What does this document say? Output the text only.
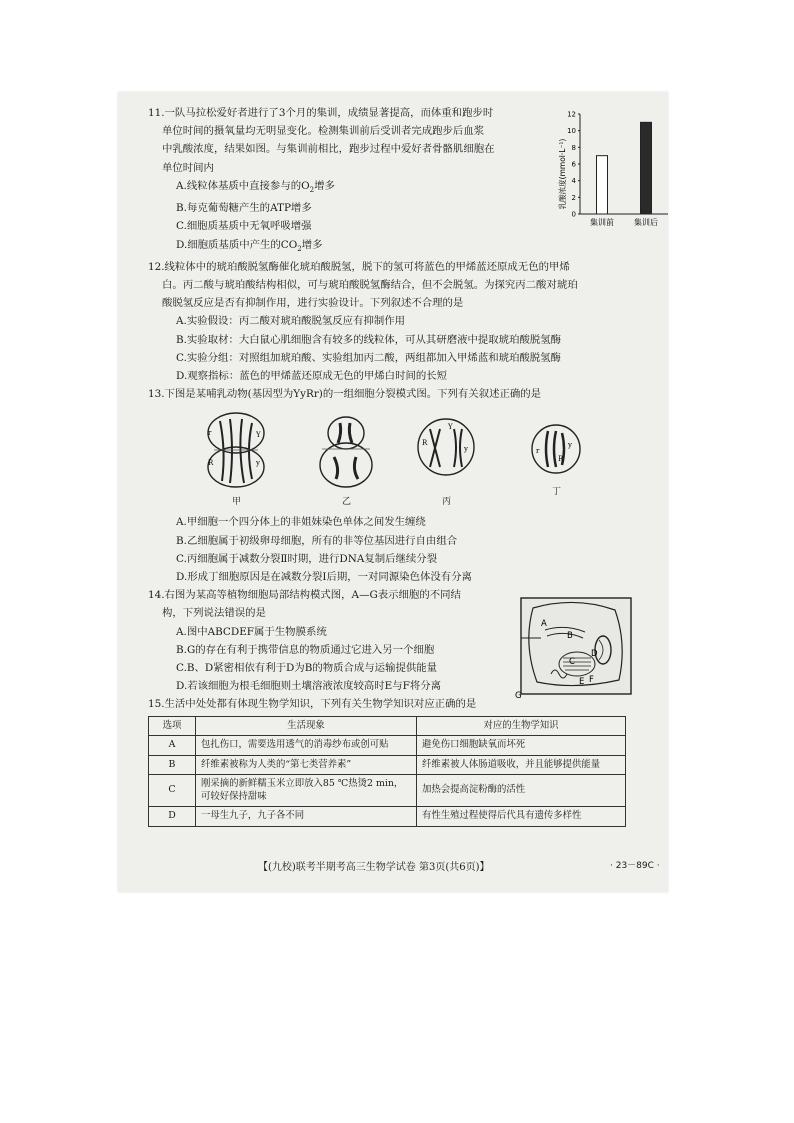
11.一队马拉松爱好者进行了3个月的集训，成绩显著提高，而体重和跑步时
单位时间的摄氧量均无明显变化。检测集训前后受训者完成跑步后血浆
中乳酸浓度，结果如图。与集训前相比，跑步过程中爱好者骨骼肌细胞在
单位时间内
A.线粒体基质中直接参与的$O_2$增多
B.每克葡萄糖产生的ATP增多
C.细胞质基质中无氧呼吸增强
D.细胞质基质中产生的$CO_2$增多
12.线粒体中的琥珀酸脱氢酶催化琥珀酸脱氢，脱下的氢可将蓝色的甲烯蓝还原成无色的甲烯
白。丙二酸与琥珀酸结构相似，可与琥珀酸脱氢酶结合，但不会脱氢。为探究丙二酸对琥珀
酸脱氢反应是否有抑制作用，进行实验设计。下列叙述不合理的是
A.实验假设：丙二酸对琥珀酸脱氢反应有抑制作用
B.实验取材：大白鼠心肌细胞含有较多的线粒体，可从其研磨液中提取琥珀酸脱氢酶
C.实验分组：对照组加琥珀酸、实验组加丙二酸，两组都加入甲烯蓝和琥珀酸脱氢酶
D.观察指标：蓝色的甲烯蓝还原成无色的甲烯白时间的长短
13.下图是某哺乳动物(基因型为YyRr)的一组细胞分裂模式图。下列有关叙述正确的是
r
R
Y
y
甲	乙
R
Y
y
丙
r
R
y
丁
A.甲细胞一个四分体上的非姐妹染色单体之间发生缠绕
B.乙细胞属于初级卵母细胞，所有的非等位基因进行自由组合
C.丙细胞属于减数分裂Ⅱ时期，进行DNA复制后继续分裂
D.形成丁细胞原因是在减数分裂Ⅰ后期，一对同源染色体没有分离
14.右图为某高等植物细胞局部结构模式图，A—G表示细胞的不同结
构，下列说法错误的是
A.图中ABCDEF属于生物膜系统
B.G的存在有利于携带信息的物质通过它进入另一个细胞
C.B、D紧密相依有利于D为B的物质合成与运输提供能量
D.若该细胞为根毛细胞则土壤溶液浓度较高时E与F将分离
15.生活中处处都有体现生物学知识，下列有关生物学知识对应正确的是
选项	生活现象	对应的生物学知识
A	包扎伤口，需要选用透气的消毒纱布或创可贴	避免伤口细胞缺氧而坏死
B	纤维素被称为人类的“第七类营养素”	纤维素被人体肠道吸收，并且能够提供能量
C	刚采摘的新鲜糯玉米立即放入85 ℃热烫2 min，可较好保持甜味	加热会提高淀粉酶的活性
D	一母生九子，九子各不同	有性生殖过程使得后代具有遗传多样性
乳酸浓度(mmol·L⁻¹)
0
2
4
6
8
10
12
集训前	集训后
A
B
C
D
E F
G
【(九校)联考半期考高三生物学试卷 第3页(共6页)】	· 23－89C ·
